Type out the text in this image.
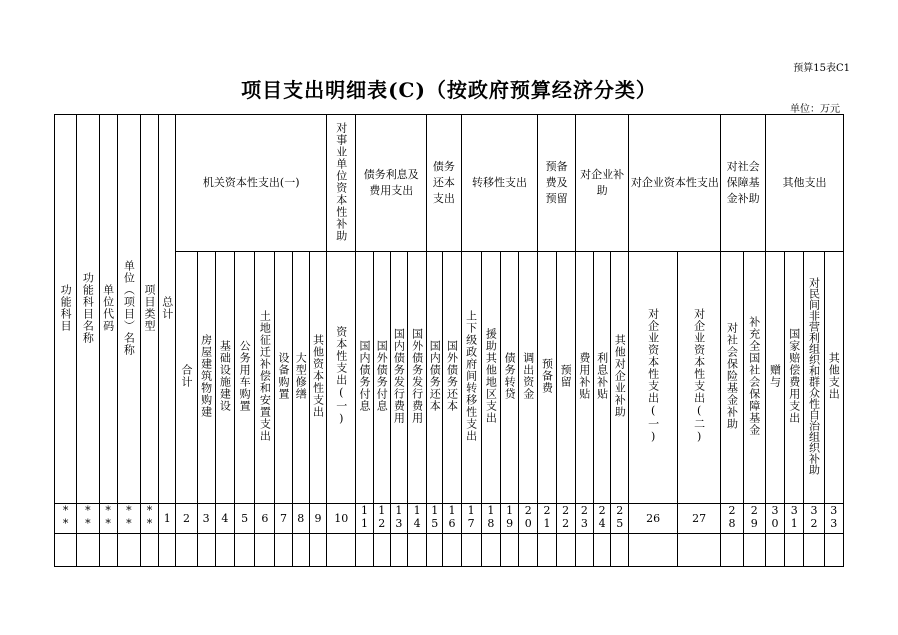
预算15表C1
项目支出明细表(C)（按政府预算经济分类）
单位：万元
功能科目	功能科目名称	单位代码	单位（项目）名称	项目类型	总计	机关资本性支出(一)								对事业单位资本性补助	债务利息及费用支出				债务还本支出		转移性支出				预备费及预留		对企业补助			对企业资本性支出		对社会保障基金补助		其他支出			

						合计	房屋建筑物购建	基础设施建设	公务用车购置	土地征迁补偿和安置支出	设备购置	大型修缮	其他资本性支出	资本性支出(一)	国内债务付息	国外债务付息	国内债务发行费用	国外债务发行费用	国内债务还本	国外债务还本	上下级政府间转移性支出	援助其他地区支出	债务转贷	调出资金	预备费	预留	费用补贴	利息补贴	其他对企业补助	对企业资本性支出(一)	对企业资本性支出(二)	对社会保险基金补助	补充全国社会保障基金	赠与	国家赔偿费用支出	对民间非营利组织和群众性自治组织补助	其他支出
**	**	**	**	**	1	2	3	4	5	6	7	8	9	10	11	12	13	14	15	16	17	18	19	20	21	22	23	24	25	26	27	28	29	30	31	32	33
